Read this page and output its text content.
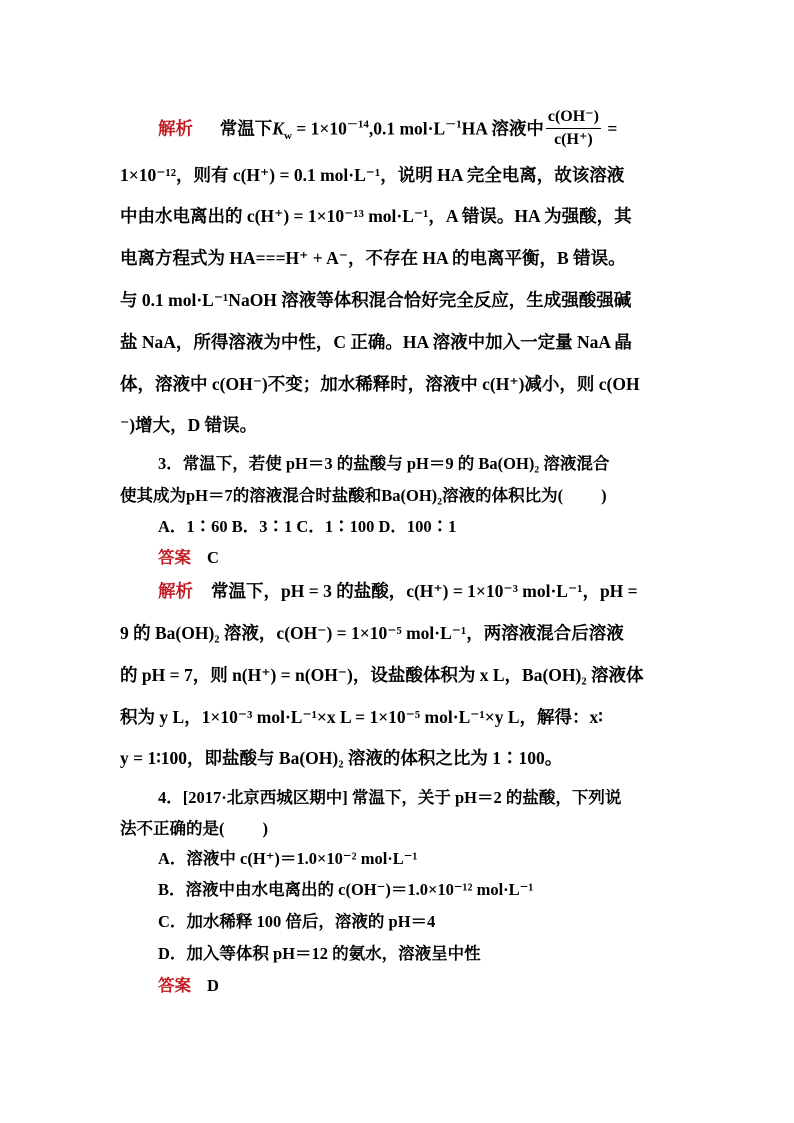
解析 常温下$K_w = 1\times 10^{-14},0.1$ $mol\cdot L^{-1}HA$ 溶液中 $\frac{c(OH^-)}{c(H^+)}$ =
1×10⁻¹²，则有 c(H⁺) = 0.1 mol·L⁻¹，说明 HA 完全电离，故该溶液
中由水电离出的 c(H⁺) = 1×10⁻¹³ mol·L⁻¹，A 错误。HA 为强酸，其
电离方程式为 HA===H⁺ + A⁻，不存在 HA 的电离平衡，B 错误。
与 0.1 mol·L⁻¹NaOH 溶液等体积混合恰好完全反应，生成强酸强碱
盐 NaA，所得溶液为中性，C 正确。HA 溶液中加入一定量 NaA 晶
体，溶液中 c(OH⁻)不变；加水稀释时，溶液中 c(H⁺)减小，则 c(OH
⁻)增大，D 错误。
3．常温下，若使 pH＝3 的盐酸与 pH＝9 的 Ba(OH)₂ 溶液混合
使其成为pH＝7的溶液混合时盐酸和Ba(OH)₂溶液的体积比为( )
A．1∶60 B．3∶1 C．1∶100 D．100∶1
答案 C
解析 常温下，pH = 3 的盐酸，c(H⁺) = 1×10⁻³ mol·L⁻¹，pH =
9 的 Ba(OH)₂ 溶液，c(OH⁻) = 1×10⁻⁵ mol·L⁻¹，两溶液混合后溶液
的 pH = 7，则 n(H⁺) = n(OH⁻)，设盐酸体积为 x L，Ba(OH)₂ 溶液体
积为 y L，1×10⁻³ mol·L⁻¹×x L = 1×10⁻⁵ mol·L⁻¹×y L，解得：x∶
y = 1∶100，即盐酸与 Ba(OH)₂ 溶液的体积之比为 1∶100。
4．[2017·北京西城区期中] 常温下，关于 pH＝2 的盐酸，下列说
法不正确的是( )
A．溶液中 c(H⁺)＝1.0×10⁻² mol·L⁻¹
B．溶液中由水电离出的 c(OH⁻)＝1.0×10⁻¹² mol·L⁻¹
C．加水稀释 100 倍后，溶液的 pH＝4
D．加入等体积 pH＝12 的氨水，溶液呈中性
答案 D
